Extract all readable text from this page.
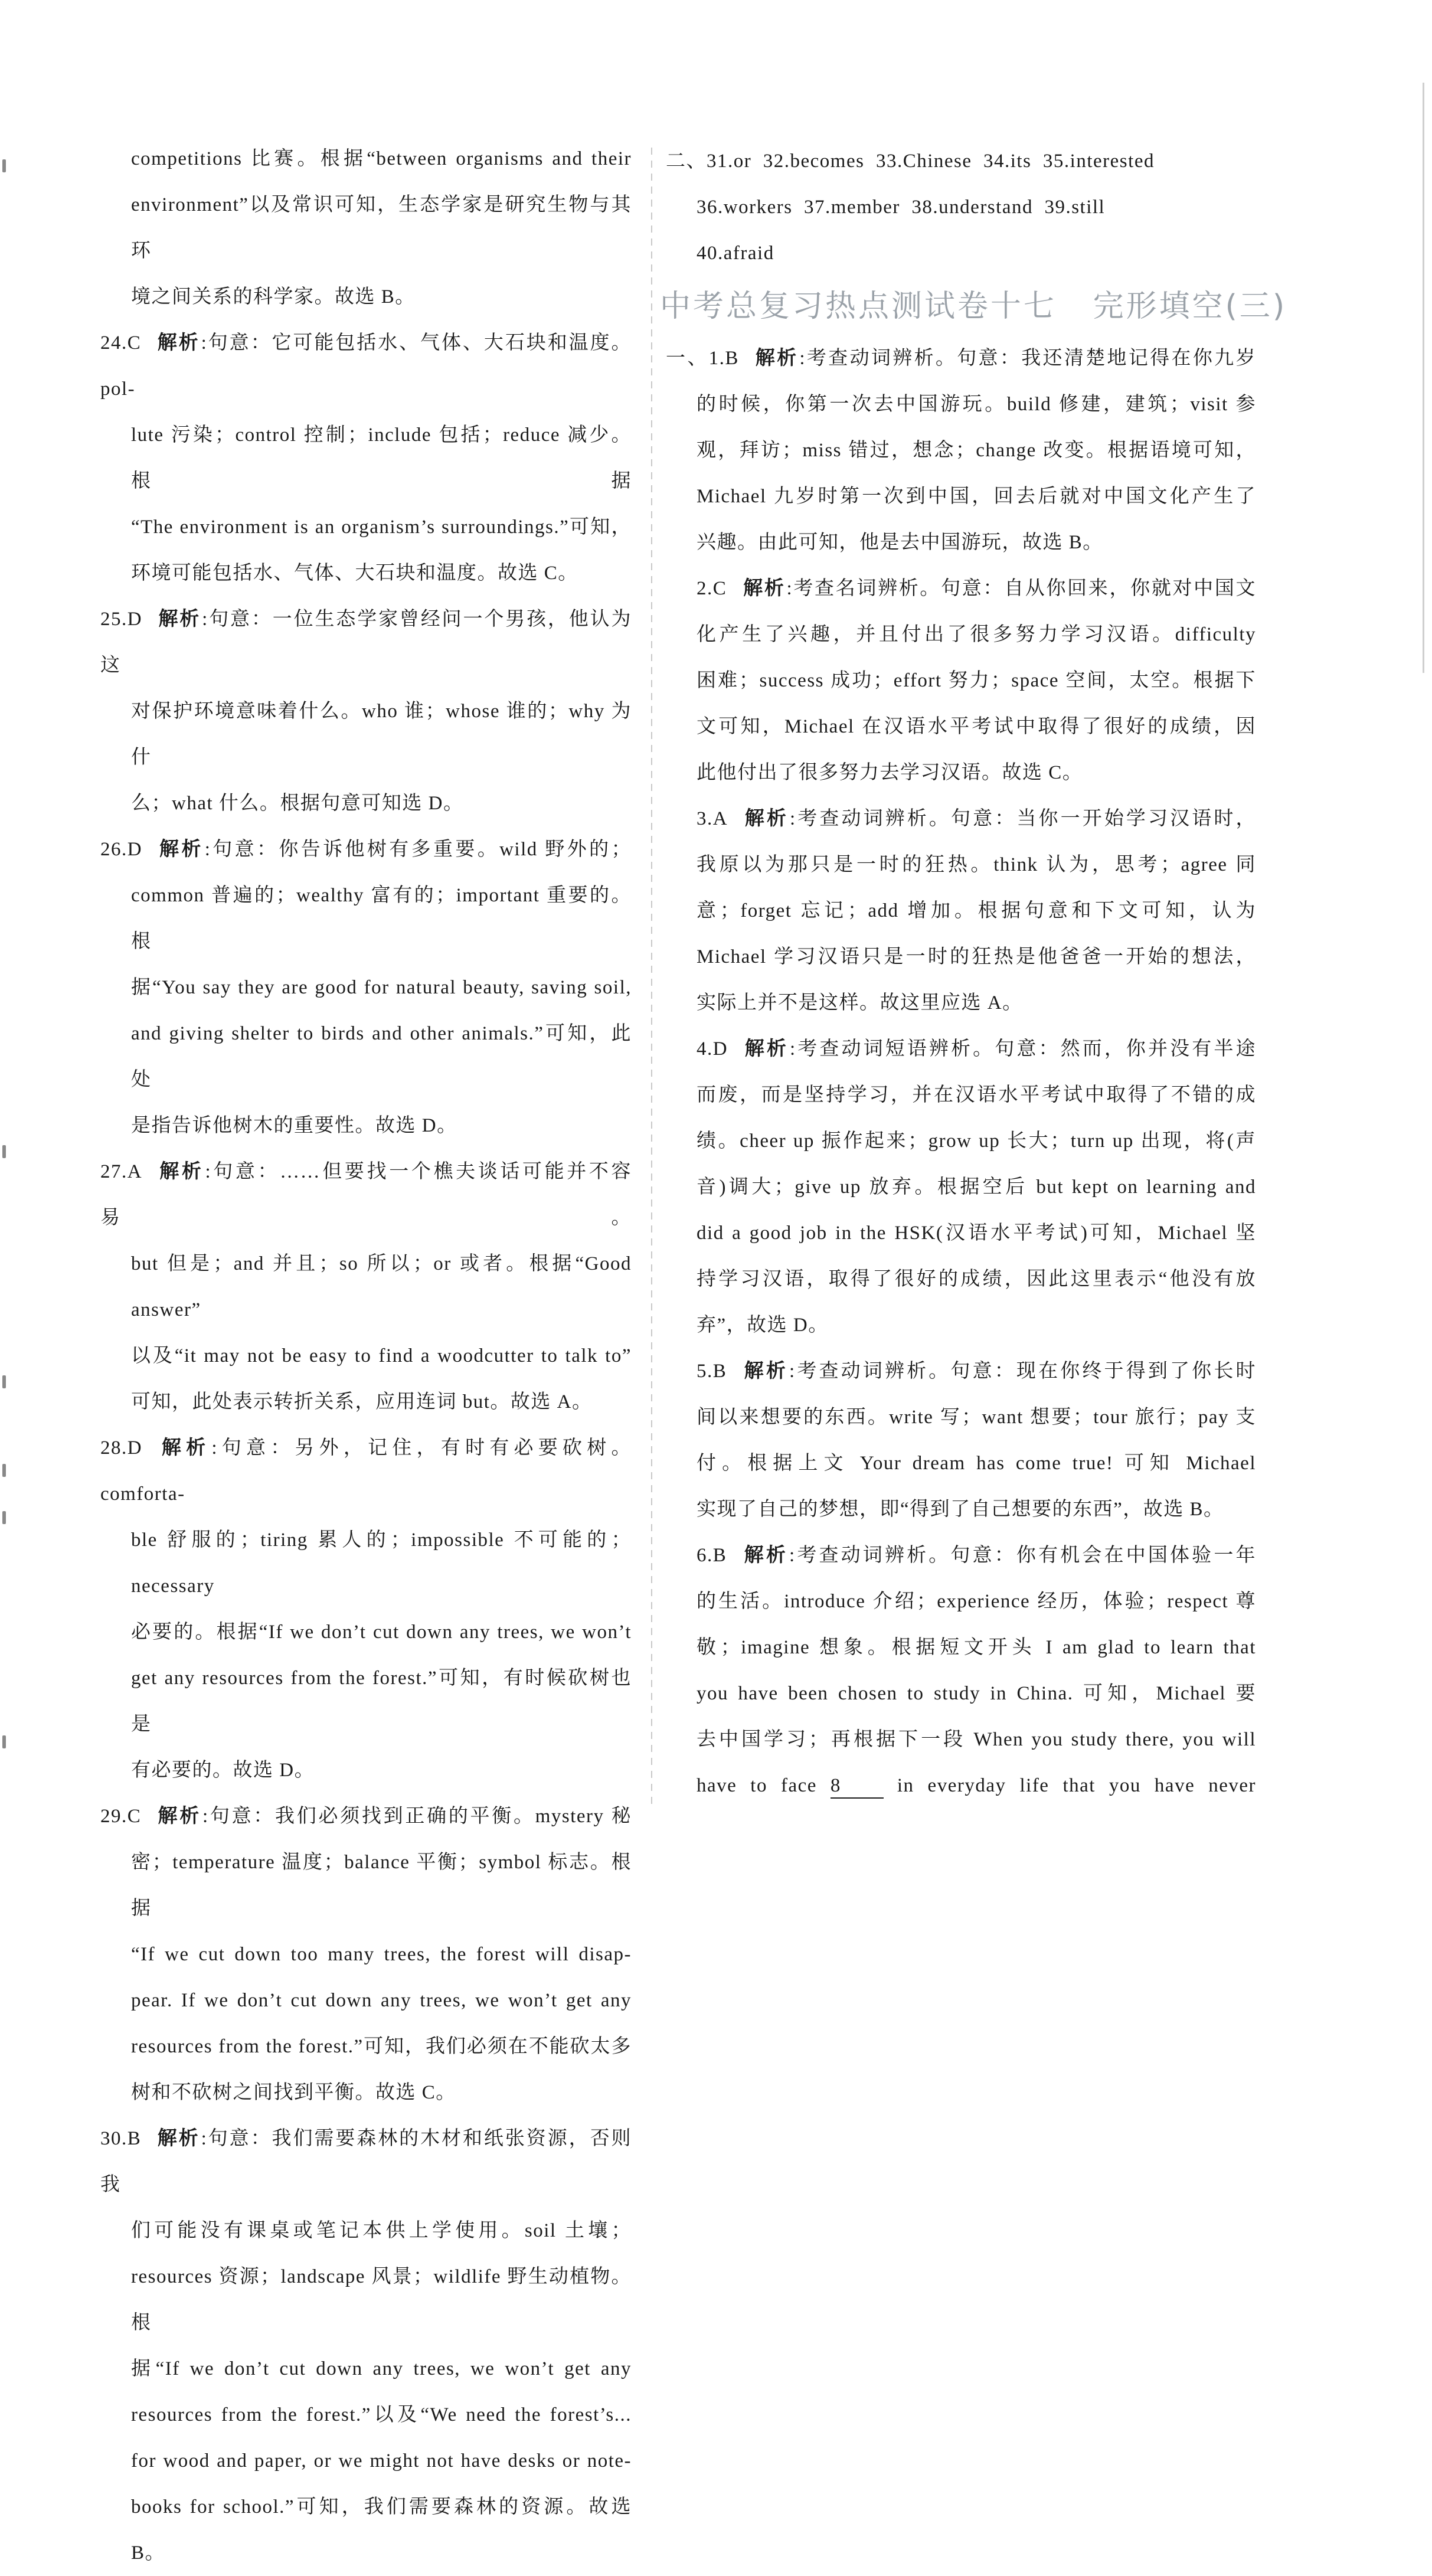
competitions 比赛。根据“between organisms and their
environment”以及常识可知，生态学家是研究生物与其环
境之间关系的科学家。故选 B。
24.C 解析:句意：它可能包括水、气体、大石块和温度。pol-
lute 污染；control 控制；include 包括；reduce 减少。根据
“The environment is an organism’s surroundings.”可知，
环境可能包括水、气体、大石块和温度。故选 C。
25.D 解析:句意：一位生态学家曾经问一个男孩，他认为这
对保护环境意味着什么。who 谁；whose 谁的；why 为什
么；what 什么。根据句意可知选 D。
26.D 解析:句意：你告诉他树有多重要。wild 野外的；
common 普遍的；wealthy 富有的；important 重要的。根
据“You say they are good for natural beauty, saving soil,
and giving shelter to birds and other animals.”可知，此处
是指告诉他树木的重要性。故选 D。
27.A 解析:句意：……但要找一个樵夫谈话可能并不容易。
but 但是；and 并且；so 所以；or 或者。根据“Good answer”
以及“it may not be easy to find a woodcutter to talk to”
可知，此处表示转折关系，应用连词 but。故选 A。
28.D 解析:句意：另外，记住，有时有必要砍树。comforta-
ble 舒服的；tiring 累人的；impossible 不可能的；necessary
必要的。根据“If we don’t cut down any trees, we won’t
get any resources from the forest.”可知，有时候砍树也是
有必要的。故选 D。
29.C 解析:句意：我们必须找到正确的平衡。mystery 秘
密；temperature 温度；balance 平衡；symbol 标志。根据
“If we cut down too many trees, the forest will disap-
pear. If we don’t cut down any trees, we won’t get any
resources from the forest.”可知，我们必须在不能砍太多
树和不砍树之间找到平衡。故选 C。
30.B 解析:句意：我们需要森林的木材和纸张资源，否则我
们可能没有课桌或笔记本供上学使用。soil 土壤；
resources 资源；landscape 风景；wildlife 野生动植物。根
据“If we don’t cut down any trees, we won’t get any
resources from the forest.”以及“We need the forest’s...
for wood and paper, or we might not have desks or note-
books for school.”可知，我们需要森林的资源。故选 B。
二、31.or  32.becomes  33.Chinese  34.its  35.interested
36.workers  37.member  38.understand  39.still
40.afraid
中考总复习热点测试卷十七   完形填空(三)
一、1.B 解析:考查动词辨析。句意：我还清楚地记得在你九岁
的时候，你第一次去中国游玩。build 修建，建筑；visit 参
观，拜访；miss 错过，想念；change 改变。根据语境可知，
Michael 九岁时第一次到中国，回去后就对中国文化产生了
兴趣。由此可知，他是去中国游玩，故选 B。
2.C 解析:考查名词辨析。句意：自从你回来，你就对中国文
化产生了兴趣，并且付出了很多努力学习汉语。difficulty
困难；success 成功；effort 努力；space 空间，太空。根据下
文可知，Michael 在汉语水平考试中取得了很好的成绩，因
此他付出了很多努力去学习汉语。故选 C。
3.A 解析:考查动词辨析。句意：当你一开始学习汉语时，
我原以为那只是一时的狂热。think 认为，思考；agree 同
意；forget 忘记；add 增加。根据句意和下文可知，认为
Michael 学习汉语只是一时的狂热是他爸爸一开始的想法，
实际上并不是这样。故这里应选 A。
4.D 解析:考查动词短语辨析。句意：然而，你并没有半途
而废，而是坚持学习，并在汉语水平考试中取得了不错的成
绩。cheer up 振作起来；grow up 长大；turn up 出现，将(声
音)调大；give up 放弃。根据空后 but kept on learning and
did a good job in the HSK(汉语水平考试)可知，Michael 坚
持学习汉语，取得了很好的成绩，因此这里表示“他没有放
弃”，故选 D。
5.B 解析:考查动词辨析。句意：现在你终于得到了你长时
间以来想要的东西。write 写；want 想要；tour 旅行；pay 支
付。根据上文 Your dream has come true! 可知 Michael
实现了自己的梦想，即“得到了自己想要的东西”，故选 B。
6.B 解析:考查动词辨析。句意：你有机会在中国体验一年
的生活。introduce 介绍；experience 经历，体验；respect 尊
敬；imagine 想象。根据短文开头 I am glad to learn that
you have been chosen to study in China. 可知，Michael 要
去中国学习；再根据下一段 When you study there, you will
have to face 8	in everyday life that you have never
